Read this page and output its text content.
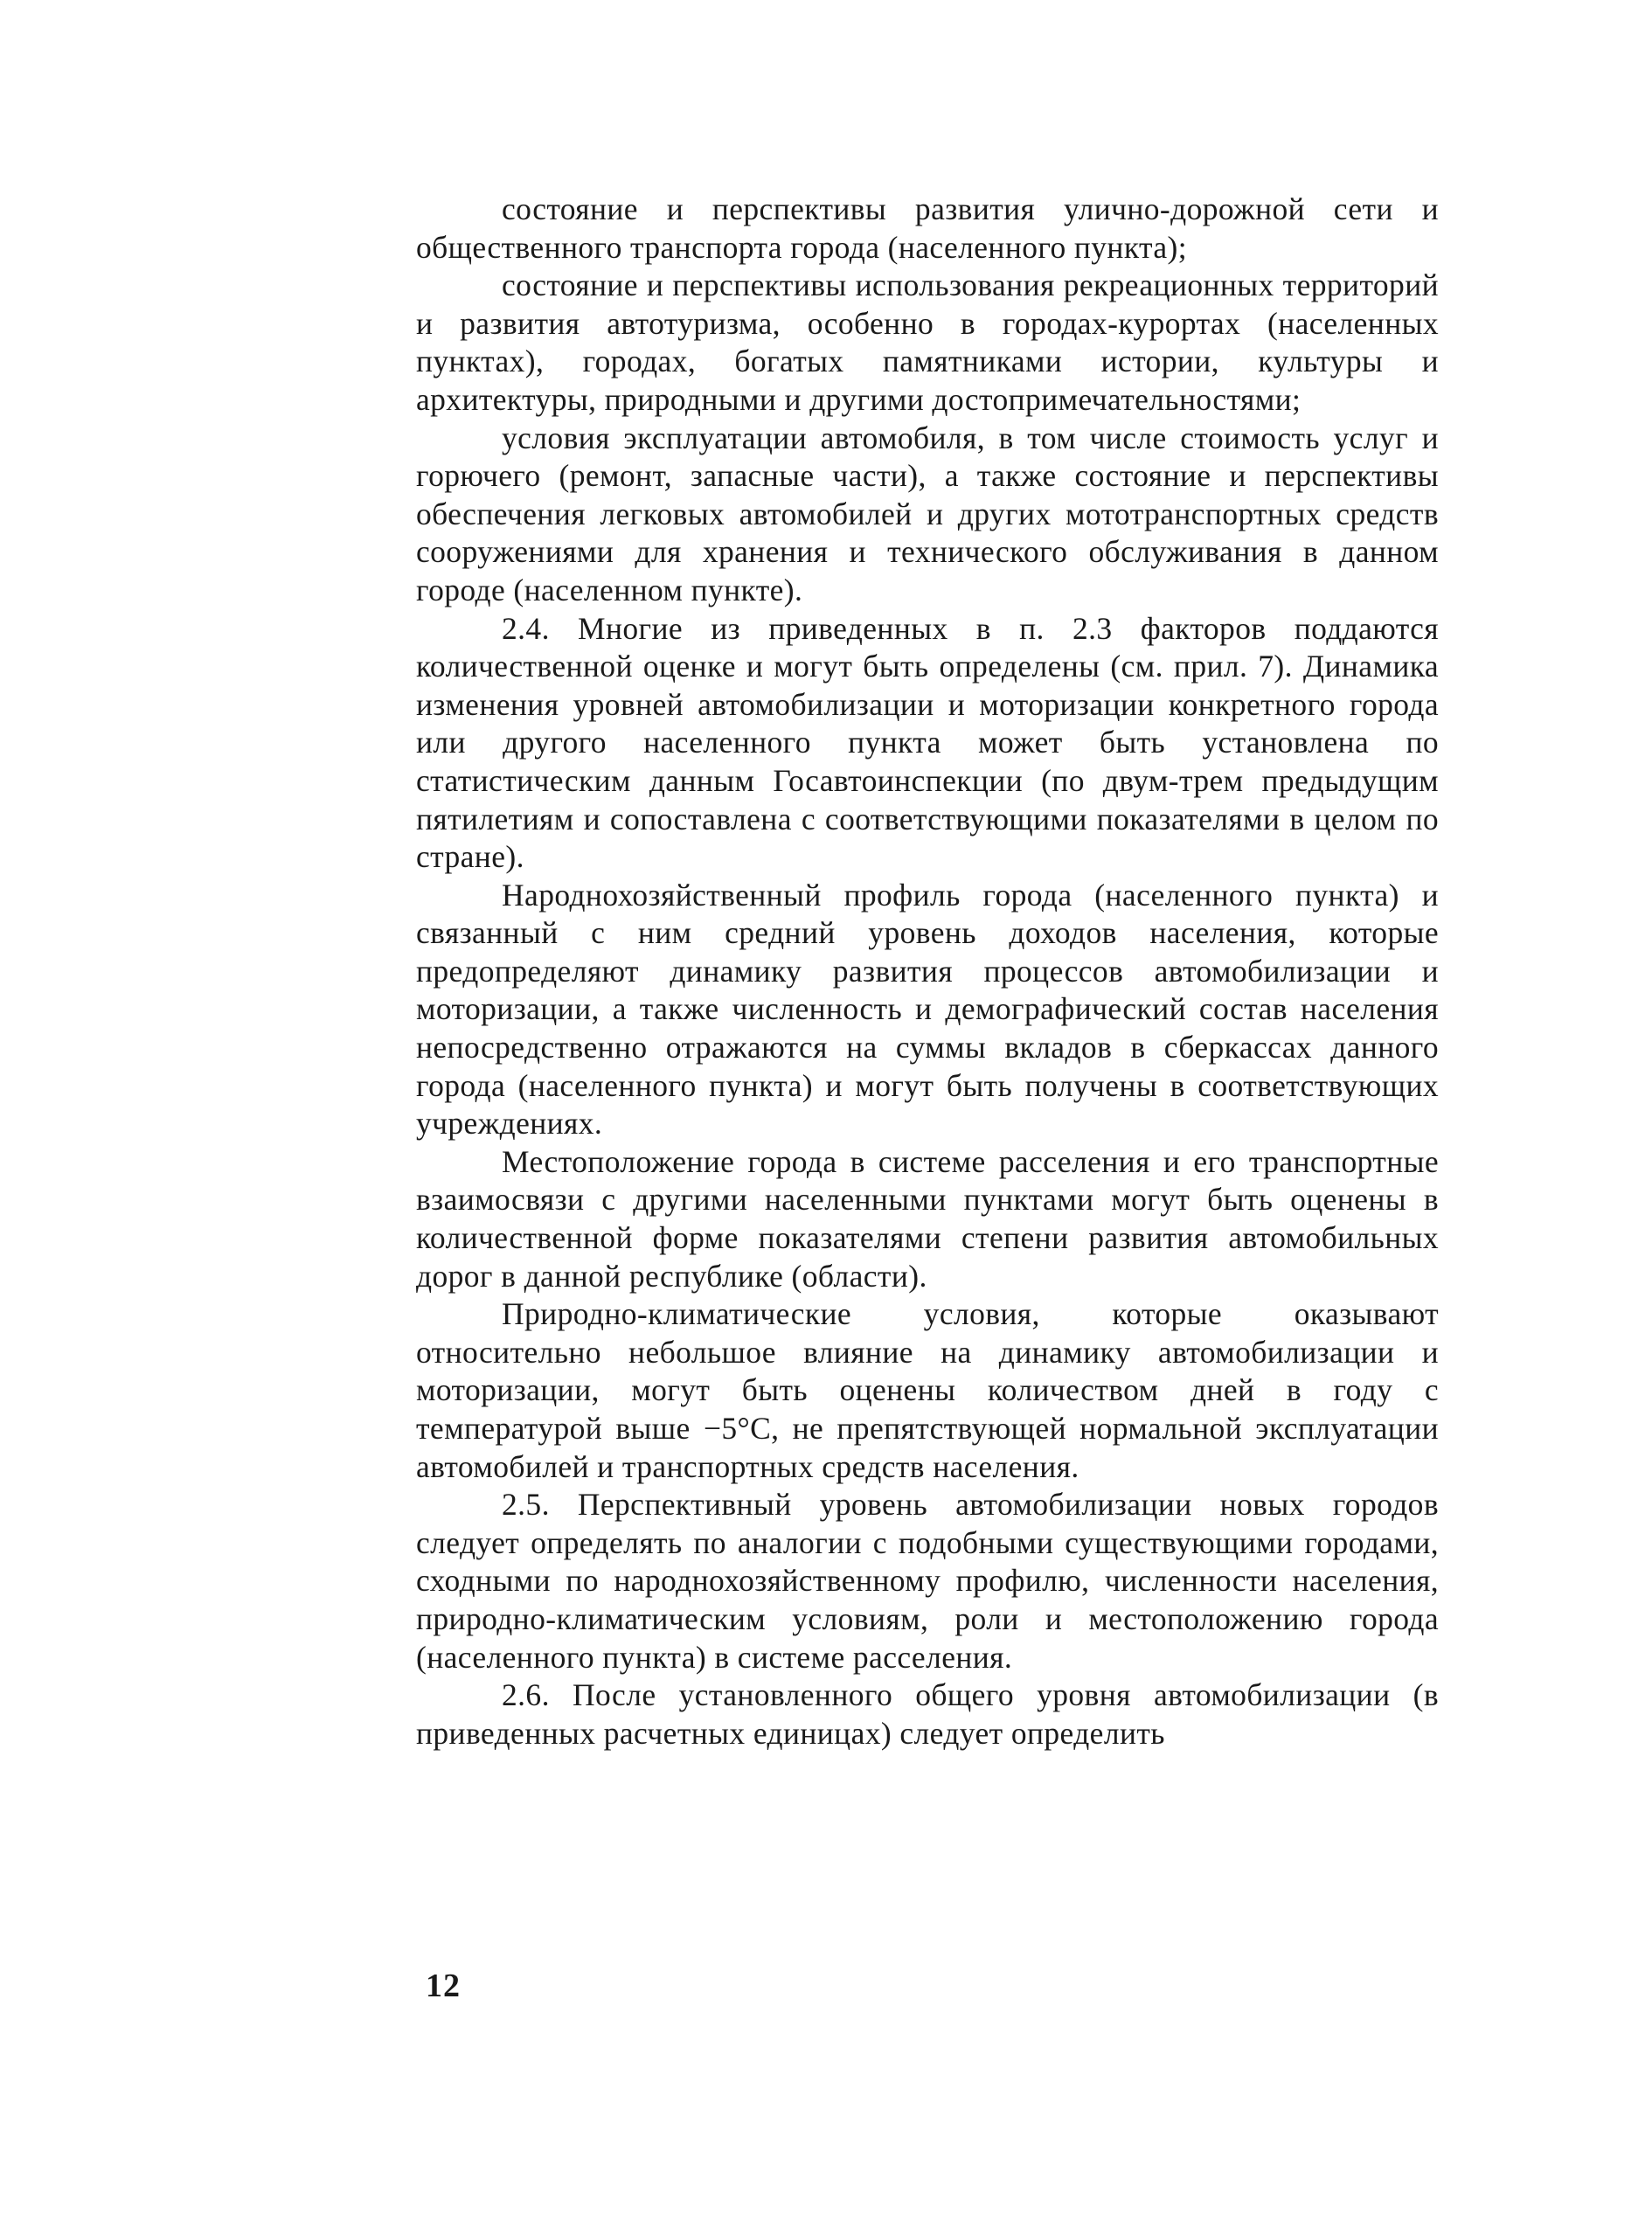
состояние и перспективы развития улично-дорожной сети и общественного транспорта города (населенного пункта);

состояние и перспективы использования рекреационных территорий и развития автотуризма, особенно в городах-курортах (населенных пунктах), городах, богатых памятниками истории, культуры и архитектуры, природными и другими достопримечательностями;

условия эксплуатации автомобиля, в том числе стоимость услуг и горючего (ремонт, запасные части), а также состояние и перспективы обеспечения легковых автомобилей и других мототранспортных средств сооружениями для хранения и технического обслуживания в данном городе (населенном пункте).

2.4. Многие из приведенных в п. 2.3 факторов поддаются количественной оценке и могут быть определены (см. прил. 7). Динамика изменения уровней автомобилизации и моторизации конкретного города или другого населенного пункта может быть установлена по статистическим данным Госавтоинспекции (по двум-трем предыдущим пятилетиям и сопоставлена с соответствующими показателями в целом по стране).

Народнохозяйственный профиль города (населенного пункта) и связанный с ним средний уровень доходов населения, которые предопределяют динамику развития процессов автомобилизации и моторизации, а также численность и демографический состав населения непосредственно отражаются на суммы вкладов в сберкассах данного города (населенного пункта) и могут быть получены в соответствующих учреждениях.

Местоположение города в системе расселения и его транспортные взаимосвязи с другими населенными пунктами могут быть оценены в количественной форме показателями степени развития автомобильных дорог в данной республике (области).

Природно-климатические условия, которые оказывают относительно небольшое влияние на динамику автомобилизации и моторизации, могут быть оценены количеством дней в году с температурой выше −5°C, не препятствующей нормальной эксплуатации автомобилей и транспортных средств населения.

2.5. Перспективный уровень автомобилизации новых городов следует определять по аналогии с подобными существующими городами, сходными по народнохозяйственному профилю, численности населения, природно-климатическим условиям, роли и местоположению города (населенного пункта) в системе расселения.

2.6. После установленного общего уровня автомобилизации (в приведенных расчетных единицах) следует определить

12
